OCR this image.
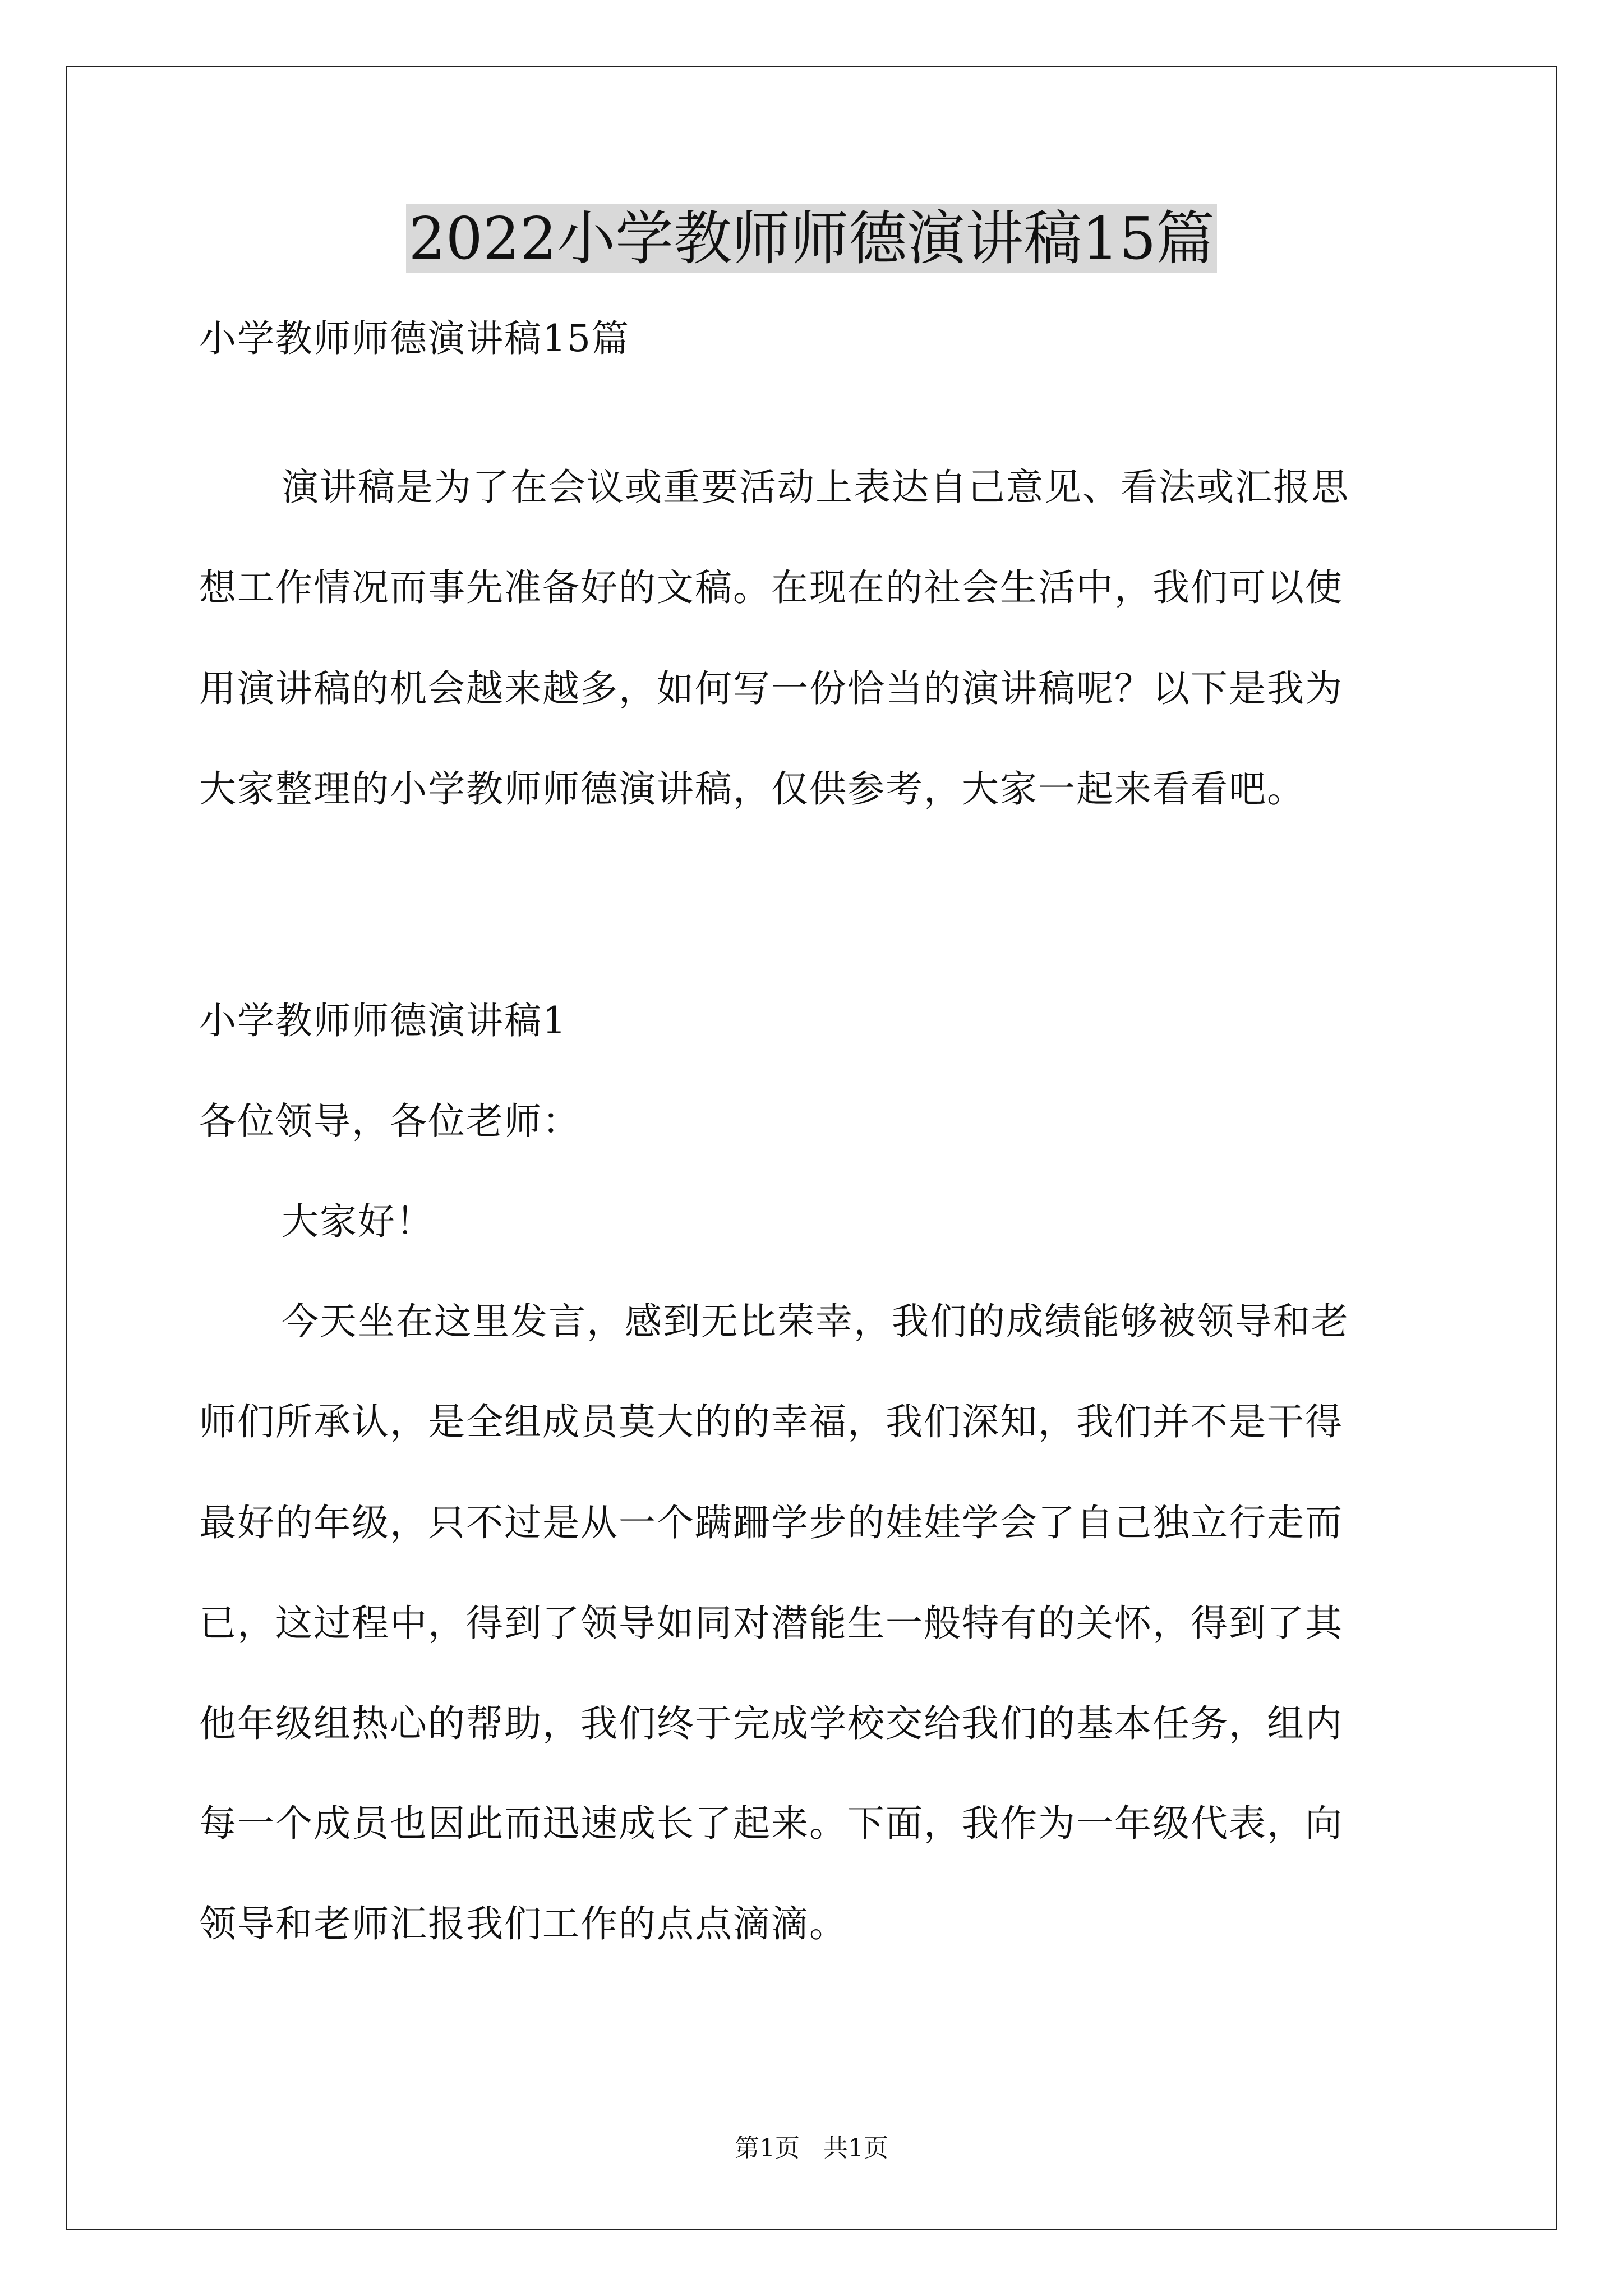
2022小学教师师德演讲稿15篇
小学教师师德演讲稿15篇
演讲稿是为了在会议或重要活动上表达自己意见、看法或汇报思
想工作情况而事先准备好的文稿。在现在的社会生活中，我们可以使
用演讲稿的机会越来越多，如何写一份恰当的演讲稿呢？以下是我为
大家整理的小学教师师德演讲稿，仅供参考，大家一起来看看吧。
小学教师师德演讲稿1
各位领导，各位老师：
大家好！
今天坐在这里发言，感到无比荣幸，我们的成绩能够被领导和老
师们所承认，是全组成员莫大的的幸福，我们深知，我们并不是干得
最好的年级，只不过是从一个蹒跚学步的娃娃学会了自己独立行走而
已，这过程中，得到了领导如同对潜能生一般特有的关怀，得到了其
他年级组热心的帮助，我们终于完成学校交给我们的基本任务，组内
每一个成员也因此而迅速成长了起来。下面，我作为一年级代表，向
领导和老师汇报我们工作的点点滴滴。
第1页   共1页
